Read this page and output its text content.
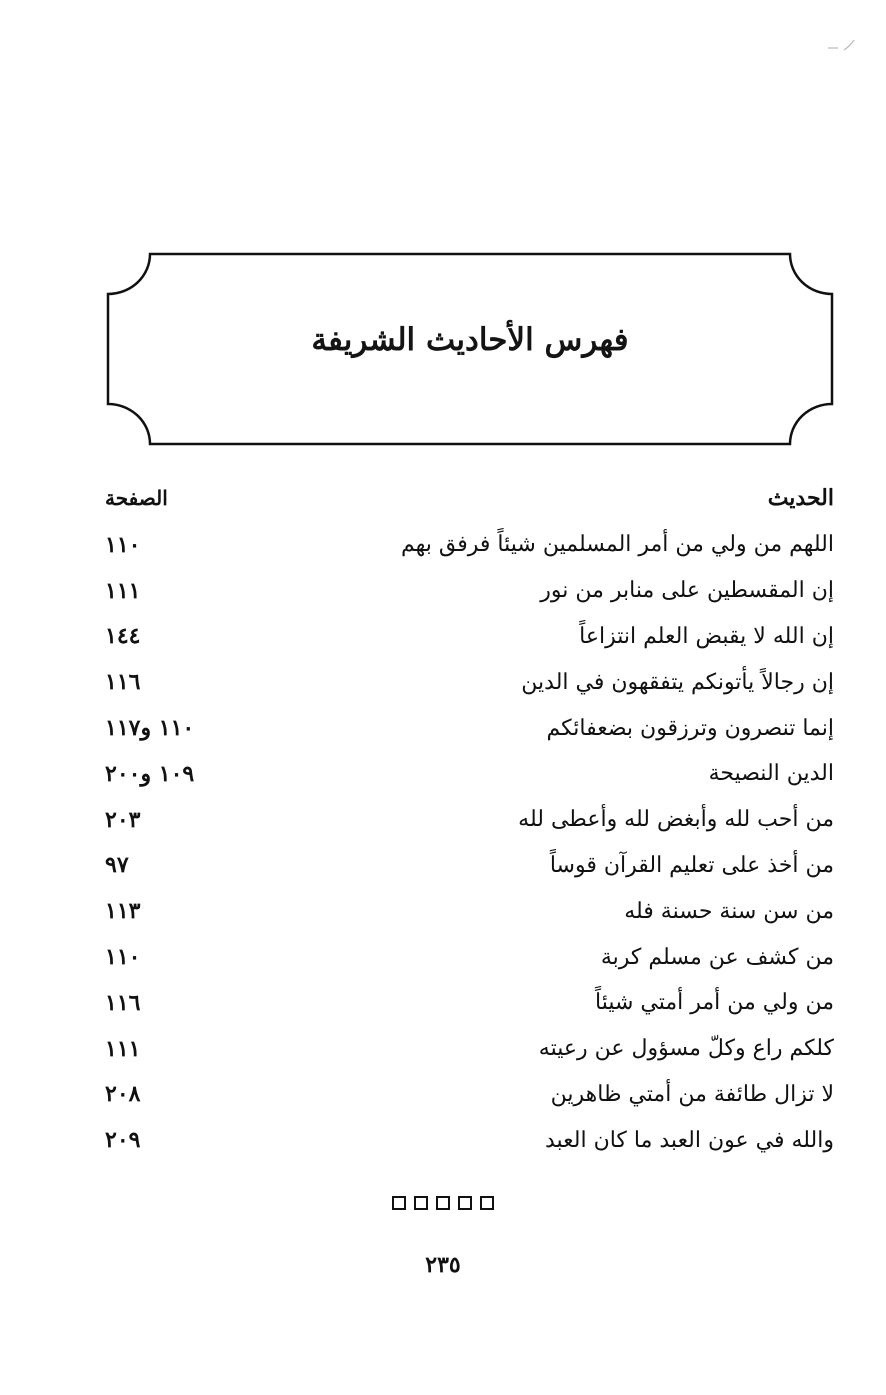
فهرس الأحاديث الشريفة
الحديث
الصفحة
اللهم من ولي من أمر المسلمين شيئاً فرفق بهم
١١٠
إن المقسطين على منابر من نور
١١١
إن الله لا يقبض العلم انتزاعاً
١٤٤
إن رجالاً يأتونكم يتفقهون في الدين
١١٦
إنما تنصرون وترزقون بضعفائكم
١١٠ و١١٧
الدين النصيحة
١٠٩ و٢٠٠
من أحب لله وأبغض لله وأعطى لله
٢٠٣
من أخذ على تعليم القرآن قوساً
٩٧
من سن سنة حسنة فله
١١٣
من كشف عن مسلم كربة
١١٠
من ولي من أمر أمتي شيئاً
١١٦
كلكم راع وكلّ مسؤول عن رعيته
١١١
لا تزال طائفة من أمتي ظاهرين
٢٠٨
والله في عون العبد ما كان العبد
٢٠٩
٢٣٥
